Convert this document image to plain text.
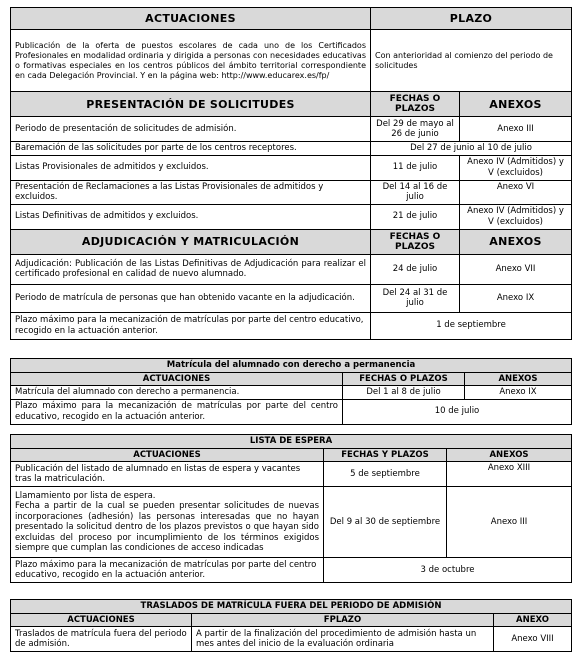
ACTUACIONES	PLAZO	
Publicación de la oferta de puestos escolares de cada uno de los Certificados Profesionales en modalidad ordinaria y dirigida a personas con necesidades educativas o formativas especiales en los centros públicos del ámbito territorial correspondiente en cada Delegación Provincial. Y en la página web: http://www.educarex.es/fp/	Con anterioridad al comienzo del periodo de solicitudes	
PRESENTACIÓN DE SOLICITUDES	FECHAS O PLAZOS	ANEXOS
Periodo de presentación de solicitudes de admisión.	Del 29 de mayo al 26 de junio	Anexo III
Baremación de las solicitudes por parte de los centros receptores.	Del 27 de junio al 10 de julio	
Listas Provisionales de admitidos y excluidos.	11 de julio	Anexo IV (Admitidos) y V (excluidos)
Presentación de Reclamaciones a las Listas Provisionales de admitidos y excluidos.	Del 14 al 16 de julio	Anexo VI
Listas Definitivas de admitidos y excluidos.	21 de julio	Anexo IV (Admitidos) y V (excluidos)
ADJUDICACIÓN Y MATRICULACIÓN	FECHAS O PLAZOS	ANEXOS
Adjudicación: Publicación de las Listas Definitivas de Adjudicación para realizar el certificado profesional en calidad de nuevo alumnado.	24 de julio	Anexo VII
Periodo de matrícula de personas que han obtenido vacante en la adjudicación.	Del 24 al 31 de julio	Anexo IX
Plazo máximo para la mecanización de matrículas por parte del centro educativo, recogido en la actuación anterior.	1 de septiembre	
Matrícula del alumnado con derecho a permanencia		
ACTUACIONES	FECHAS O PLAZOS	ANEXOS
Matrícula del alumnado con derecho a permanencia.	Del 1 al 8 de julio	Anexo IX
Plazo máximo para la mecanización de matrículas por parte del centro educativo, recogido en la actuación anterior.	10 de julio	
LISTA DE ESPERA		
ACTUACIONES	FECHAS Y PLAZOS	ANEXOS
Publicación del listado de alumnado en listas de espera y vacantes tras la matriculación.	5 de septiembre	Anexo XIII

Llamamiento por lista de espera.
Fecha a partir de la cual se pueden presentar solicitudes de nuevas incorporaciones (adhesión) las personas interesadas que no hayan presentado la solicitud dentro de los plazos previstos o que hayan sido excluidas del proceso por incumplimiento de los términos exigidos siempre que cumplan las condiciones de acceso indicadas	Del 9 al 30 de septiembre	Anexo III
Plazo máximo para la mecanización de matrículas por parte del centro educativo, recogido en la actuación anterior.	3 de octubre	
TRASLADOS DE MATRÍCULA FUERA DEL PERIODO DE ADMISIÓN		
ACTUACIONES	FPLAZO	ANEXO
Traslados de matrícula fuera del periodo de admisión.	A partir de la finalización del procedimiento de admisión hasta un mes antes del inicio de la evaluación ordinaria	Anexo VIII
